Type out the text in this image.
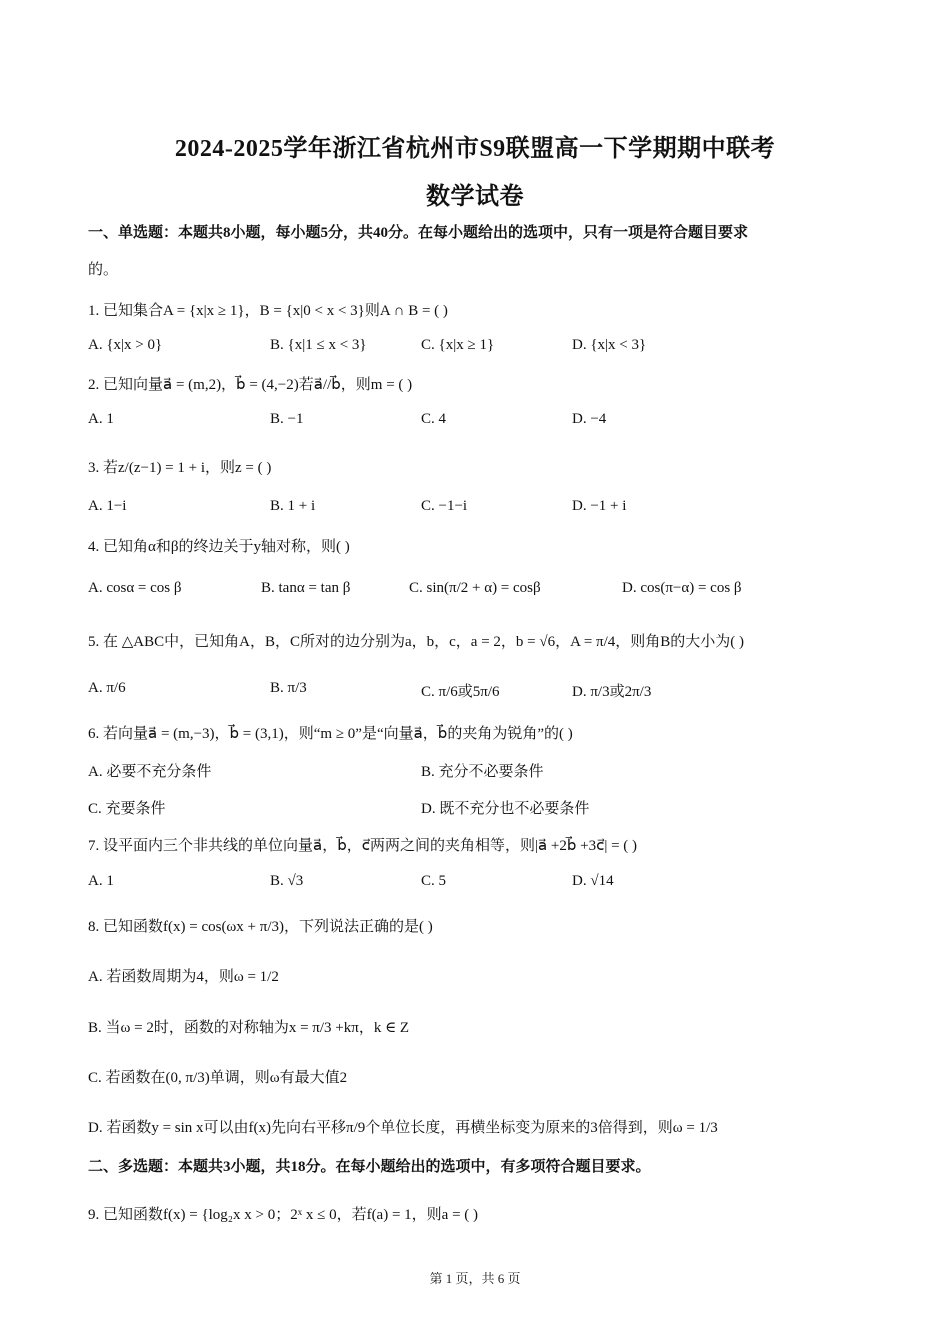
2024-2025学年浙江省杭州市S9联盟高一下学期期中联考
数学试卷
一、单选题：本题共8小题，每小题5分，共40分。在每小题给出的选项中，只有一项是符合题目要求
的。
1. 已知集合A = {x|x ≥ 1}，B = {x|0 < x < 3}则A ∩ B = ( )
A. {x|x > 0}	B. {x|1 ≤ x < 3}	C. {x|x ≥ 1}	D. {x|x < 3}
2. 已知向量a⃗ = (m,2)，b⃗ = (4,−2)若a⃗//b⃗，则m = ( )
A. 1	B. −1	C. 4	D. −4
3. 若z/(z−1) = 1 + i，则z = ( )
A. 1−i	B. 1 + i	C. −1−i	D. −1 + i
4. 已知角α和β的终边关于y轴对称，则( )
A. cosα = cos β	B. tanα = tan β	C. sin(π/2 + α) = cosβ	D. cos(π−α) = cos β
5. 在 △ABC中，已知角A，B，C所对的边分别为a，b，c，a = 2，b = √6，A = π/4，则角B的大小为( )
A. π/6	B. π/3	C. π/6或5π/6	D. π/3或2π/3
6. 若向量a⃗ = (m,−3)，b⃗ = (3,1)，则“m ≥ 0”是“向量a⃗，b⃗的夹角为锐角”的( )
A. 必要不充分条件	B. 充分不必要条件
C. 充要条件	D. 既不充分也不必要条件
7. 设平面内三个非共线的单位向量a⃗，b⃗，c⃗两两之间的夹角相等，则|a⃗ +2b⃗ +3c⃗| = ( )
A. 1	B. √3	C. 5	D. √14
8. 已知函数f(x) = cos(ωx + π/3)，下列说法正确的是( )
A. 若函数周期为4，则ω = 1/2
B. 当ω = 2时，函数的对称轴为x = π/3 +kπ，k ∈ Z
C. 若函数在(0, π/3)单调，则ω有最大值2
D. 若函数y = sin x可以由f(x)先向右平移π/9个单位长度，再横坐标变为原来的3倍得到，则ω = 1/3
二、多选题：本题共3小题，共18分。在每小题给出的选项中，有多项符合题目要求。
9. 已知函数f(x) = {log₂x x > 0；2ˣ x ≤ 0，若f(a) = 1，则a = ( )
第 1 页，共 6 页
